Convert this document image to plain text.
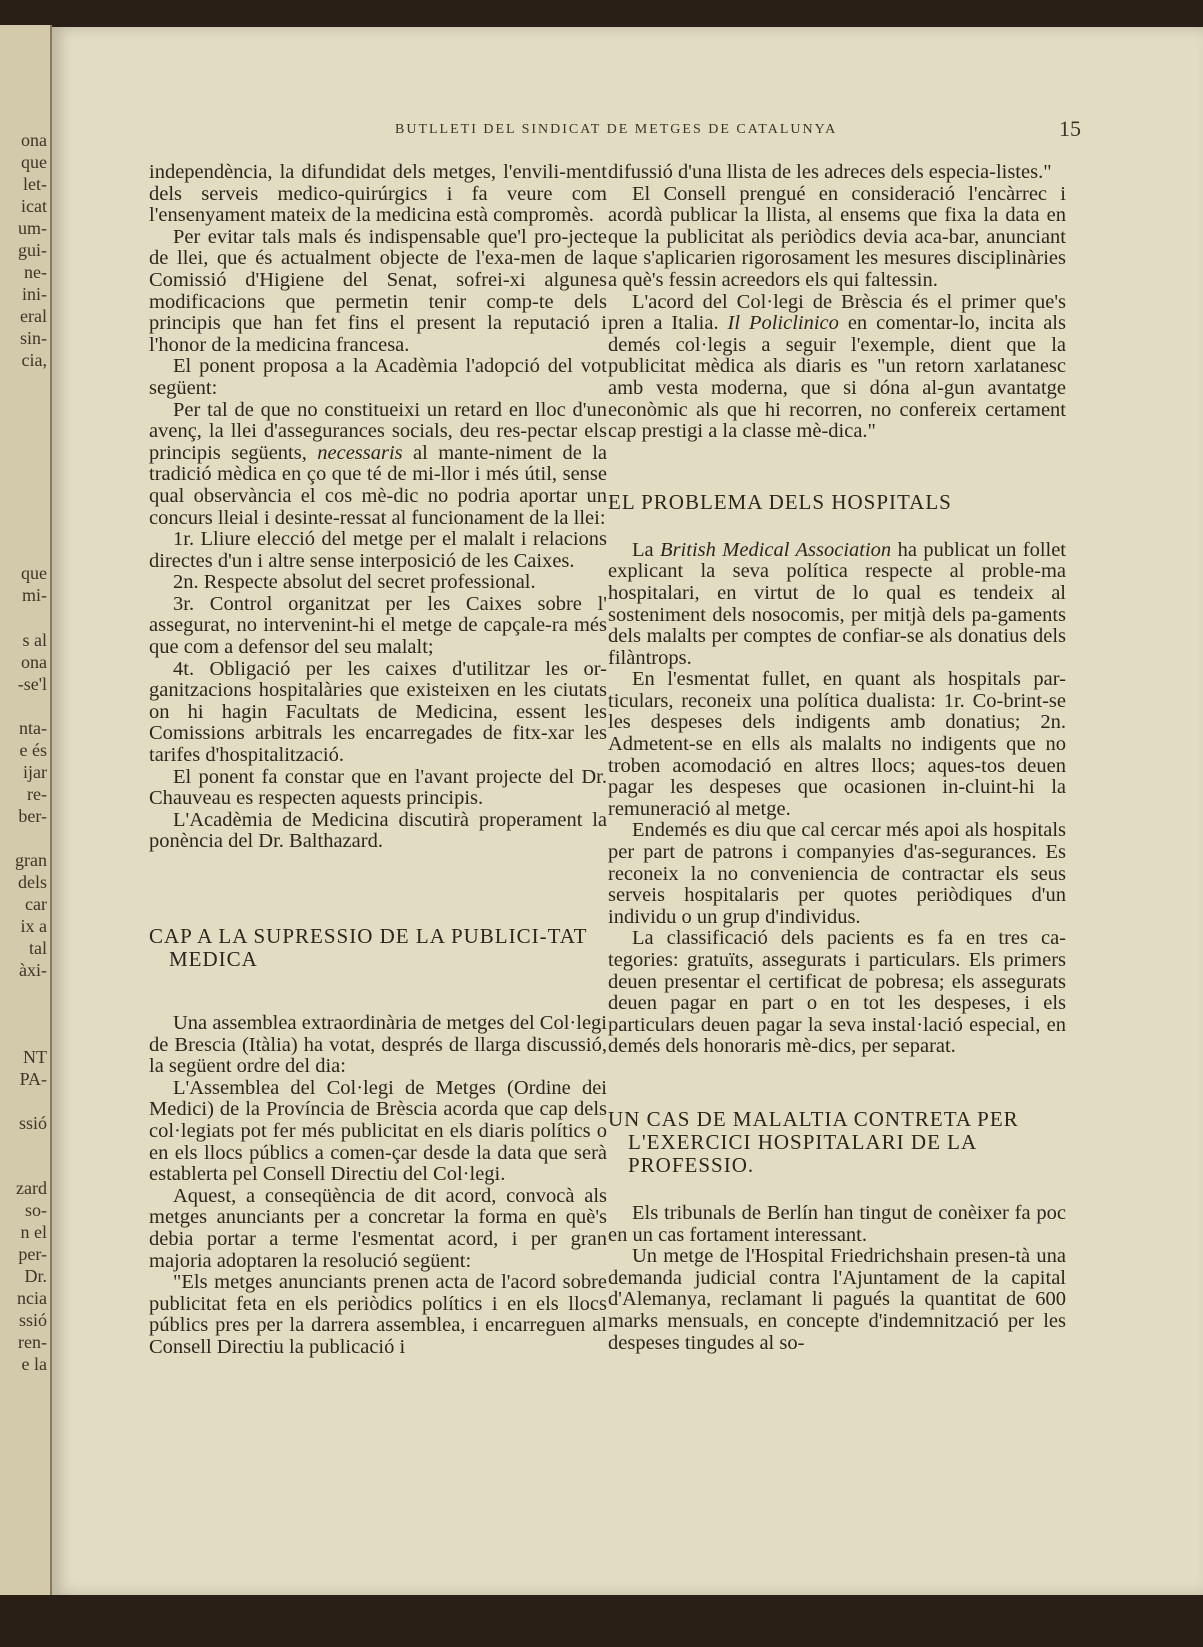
ona
que
let-
icat
um-
gui-
ne-
ini-
eral
sin-
cia,
que
mi-
s al
ona
-se'l
nta-
e és
ijar
re-
ber-
gran
dels
car
ix a
tal
àxi-
NT
PA-
ssió
zard
so-
n el
per-
Dr.
ncia
ssió
ren-
e la
BUTLLETI DEL SINDICAT DE METGES DE CATALUNYA	15

independència, la difundidat dels metges, l'envili-ment dels serveis medico-quirúrgics i fa veure com l'ensenyament mateix de la medicina està compromès.

Per evitar tals mals és indispensable que'l pro-jecte de llei, que és actualment objecte de l'exa-men de la Comissió d'Higiene del Senat, sofrei-xi algunes modificacions que permetin tenir comp-te dels principis que han fet fins el present la reputació i l'honor de la medicina francesa.

El ponent proposa a la Acadèmia l'adopció del vot següent:

Per tal de que no constitueixi un retard en lloc d'un avenç, la llei d'assegurances socials, deu res-pectar els principis següents, necessaris al mante-niment de la tradició mèdica en ço que té de mi-llor i més útil, sense qual observància el cos mè-dic no podria aportar un concurs lleial i desinte-ressat al funcionament de la llei:

1r. Lliure elecció del metge per el malalt i relacions directes d'un i altre sense interposició de les Caixes.

2n. Respecte absolut del secret professional.

3r. Control organitzat per les Caixes sobre l' assegurat, no intervenint-hi el metge de capçale-ra més que com a defensor del seu malalt;

4t. Obligació per les caixes d'utilitzar les or-ganitzacions hospitalàries que existeixen en les ciutats on hi hagin Facultats de Medicina, essent les Comissions arbitrals les encarregades de fitx-xar les tarifes d'hospitalització.

El ponent fa constar que en l'avant projecte del Dr. Chauveau es respecten aquests principis.

L'Acadèmia de Medicina discutirà properament la ponència del Dr. Balthazard.

CAP A LA SUPRESSIO DE LA PUBLICI-TAT MEDICA

Una assemblea extraordinària de metges del Col·legi de Brescia (Itàlia) ha votat, després de llarga discussió, la següent ordre del dia:

L'Assemblea del Col·legi de Metges (Ordine dei Medici) de la Província de Brèscia acorda que cap dels col·legiats pot fer més publicitat en els diaris polítics o en els llocs públics a comen-çar desde la data que serà establerta pel Consell Directiu del Col·legi.

Aquest, a conseqüència de dit acord, convocà als metges anunciants per a concretar la forma en què's debia portar a terme l'esmentat acord, i per gran majoria adoptaren la resolució següent:

"Els metges anunciants prenen acta de l'acord sobre publicitat feta en els periòdics polítics i en els llocs públics pres per la darrera assemblea, i encarreguen al Consell Directiu la publicació i

difussió d'una llista de les adreces dels especia-listes."

El Consell prengué en consideració l'encàrrec i acordà publicar la llista, al ensems que fixa la data en que la publicitat als periòdics devia aca-bar, anunciant que s'aplicarien rigorosament les mesures disciplinàries a què's fessin acreedors els qui faltessin.

L'acord del Col·legi de Brèscia és el primer que's pren a Italia. Il Policlinico en comentar-lo, incita als demés col·legis a seguir l'exemple, dient que la publicitat mèdica als diaris es "un retorn xarlatanesc amb vesta moderna, que si dóna al-gun avantatge econòmic als que hi recorren, no confereix certament cap prestigi a la classe mè-dica."

EL PROBLEMA DELS HOSPITALS

La British Medical Association ha publicat un follet explicant la seva política respecte al proble-ma hospitalari, en virtut de lo qual es tendeix al sosteniment dels nosocomis, per mitjà dels pa-gaments dels malalts per comptes de confiar-se als donatius dels filàntrops.

En l'esmentat fullet, en quant als hospitals par-ticulars, reconeix una política dualista: 1r. Co-brint-se les despeses dels indigents amb donatius; 2n. Admetent-se en ells als malalts no indigents que no troben acomodació en altres llocs; aques-tos deuen pagar les despeses que ocasionen in-cluint-hi la remuneració al metge.

Endemés es diu que cal cercar més apoi als hospitals per part de patrons i companyies d'as-segurances. Es reconeix la no conveniencia de contractar els seus serveis hospitalaris per quotes periòdiques d'un individu o un grup d'individus.

La classificació dels pacients es fa en tres ca-tegories: gratuïts, assegurats i particulars. Els primers deuen presentar el certificat de pobresa; els assegurats deuen pagar en part o en tot les despeses, i els particulars deuen pagar la seva instal·lació especial, en demés dels honoraris mè-dics, per separat.

UN CAS DE MALALTIA CONTRETA PER L'EXERCICI HOSPITALARI DE LA PROFESSIO.

Els tribunals de Berlín han tingut de conèixer fa poc en un cas fortament interessant.

Un metge de l'Hospital Friedrichshain presen-tà una demanda judicial contra l'Ajuntament de la capital d'Alemanya, reclamant li pagués la quantitat de 600 marks mensuals, en concepte d'indemnització per les despeses tingudes al so-
